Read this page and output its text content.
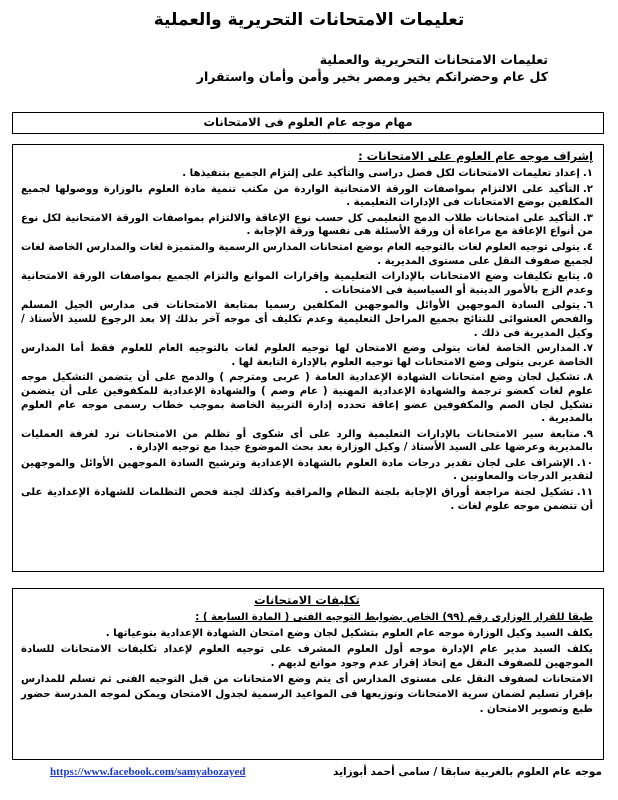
تعليمات الامتحانات التحريرية والعملية

تعليمات الامتحانات التحريرية والعملية

كل عام وحضراتكم بخير ومصر بخير وأمن وأمان واستقرار

مهام موجه عام العلوم فى الامتحانات
إشراف موجه عام العلوم على الامتحانات :
١.إعداد تعليمات الامتحانات لكل فصل دراسى والتأكيد على إلتزام الجميع بتنفيذها .
٢.التأكيد على الالتزام بمواصفات الورقة الامتحانية الواردة من مكتب تنمية مادة العلوم بالوزارة ووصولها لجميع المكلفين بوضع الامتحانات فى الإدارات التعليمية .
٣.التأكيد على امتحانات طلاب الدمج التعليمى كل حسب نوع الإعاقة والالتزام بمواصفات الورقة الامتحانية لكل نوع من أنواع الإعاقة مع مراعاة أن ورقة الأسئلة هى نفسها ورقة الإجابة .
٤.يتولى توجيه العلوم لغات بالتوجيه العام بوضع امتحانات المدارس الرسمية والمتميزة لغات والمدارس الخاصة لغات لجميع صفوف النقل على مستوى المديرية .
٥.يتابع تكليفات وضع الامتحانات بالإدارات التعليمية وإقرارات الموانع والتزام الجميع بمواصفات الورقة الامتحانية وعدم الزج بالأمور الدينية أو السياسية فى الامتحانات .
٦.يتولى السادة الموجهين الأوائل والموجهين المكلفين رسميا بمتابعة الامتحانات فى مدارس الجيل المسلم والفحص العشوائى للنتائج بجميع المراحل التعليمية وعدم تكليف أى موجه آخر بذلك إلا بعد الرجوع للسيد الأستاذ / وكيل المديرية فى ذلك .
٧.المدارس الخاصة لغات يتولى وضع الامتحان لها توجيه العلوم لغات بالتوجيه العام للعلوم فقط أما المدارس الخاصة عربى يتولى وضع الامتحانات لها توجيه العلوم بالإدارة التابعة لها .
٨.تشكيل لجان وضع امتحانات الشهادة الإعدادية العامة ( عربى ومترجم ) والدمج على أن يتضمن التشكيل موجه علوم لغات كعضو ترجمة والشهادة الإعدادية المهنية ( عام وصم ) والشهادة الإعدادية للمكفوفين على أن يتضمن تشكيل لجان الصم والمكفوفين عضو إعاقة تحدده إدارة التربية الخاصة بموجب خطاب رسمى موجه عام العلوم بالمديرية .
٩.متابعة سير الامتحانات بالإدارات التعليمية والرد على أى شكوى أو تظلم من الامتحانات ترد لغرفة العمليات بالمديرية وعرضها على السيد الأستاذ / وكيل الوزارة بعد بحث الموضوع جيدا مع توجيه الإدارة .
١٠.الإشراف على لجان تقدير درجات مادة العلوم بالشهادة الإعدادية وترشيح السادة الموجهين الأوائل والموجهين لتقدير الدرجات والمعاونين .
١١.تشكيل لجنة مراجعة أوراق الإجابة بلجنة النظام والمراقبة وكذلك لجنة فحص التظلمات للشهادة الإعدادية على أن تتضمن موجه علوم لغات .
تكليفات الامتحانات

طبقا للقرار الوزارى رقم (٩٩) الخاص بضوابط التوجيه الفنى ( المادة السابعة ) :

يكلف السيد وكيل الوزارة موجه عام العلوم بتشكيل لجان وضع امتحان الشهادة الإعدادية بنوعياتها .

يكلف السيد مدير عام الإدارة موجه أول العلوم المشرف على توجيه العلوم لإعداد تكليفات الامتحانات للسادة الموجهين للصفوف النقل مع إتخاذ إقرار عدم وجود موانع لديهم .

الامتحانات لصفوف النقل على مستوى المدارس أى يتم وضع الامتحانات من قبل التوجيه الفنى ثم تسلم للمدارس بإقرار تسليم لضمان سرية الامتحانات وتوزيعها فى المواعيد الرسمية لجدول الامتحان ويمكن لموجه المدرسة حضور طبع وتصوير الامتحان .

موجه عام العلوم بالغربية سابقا / سامى أحمد أبوزايد
https://www.facebook.com/samyabozayed
